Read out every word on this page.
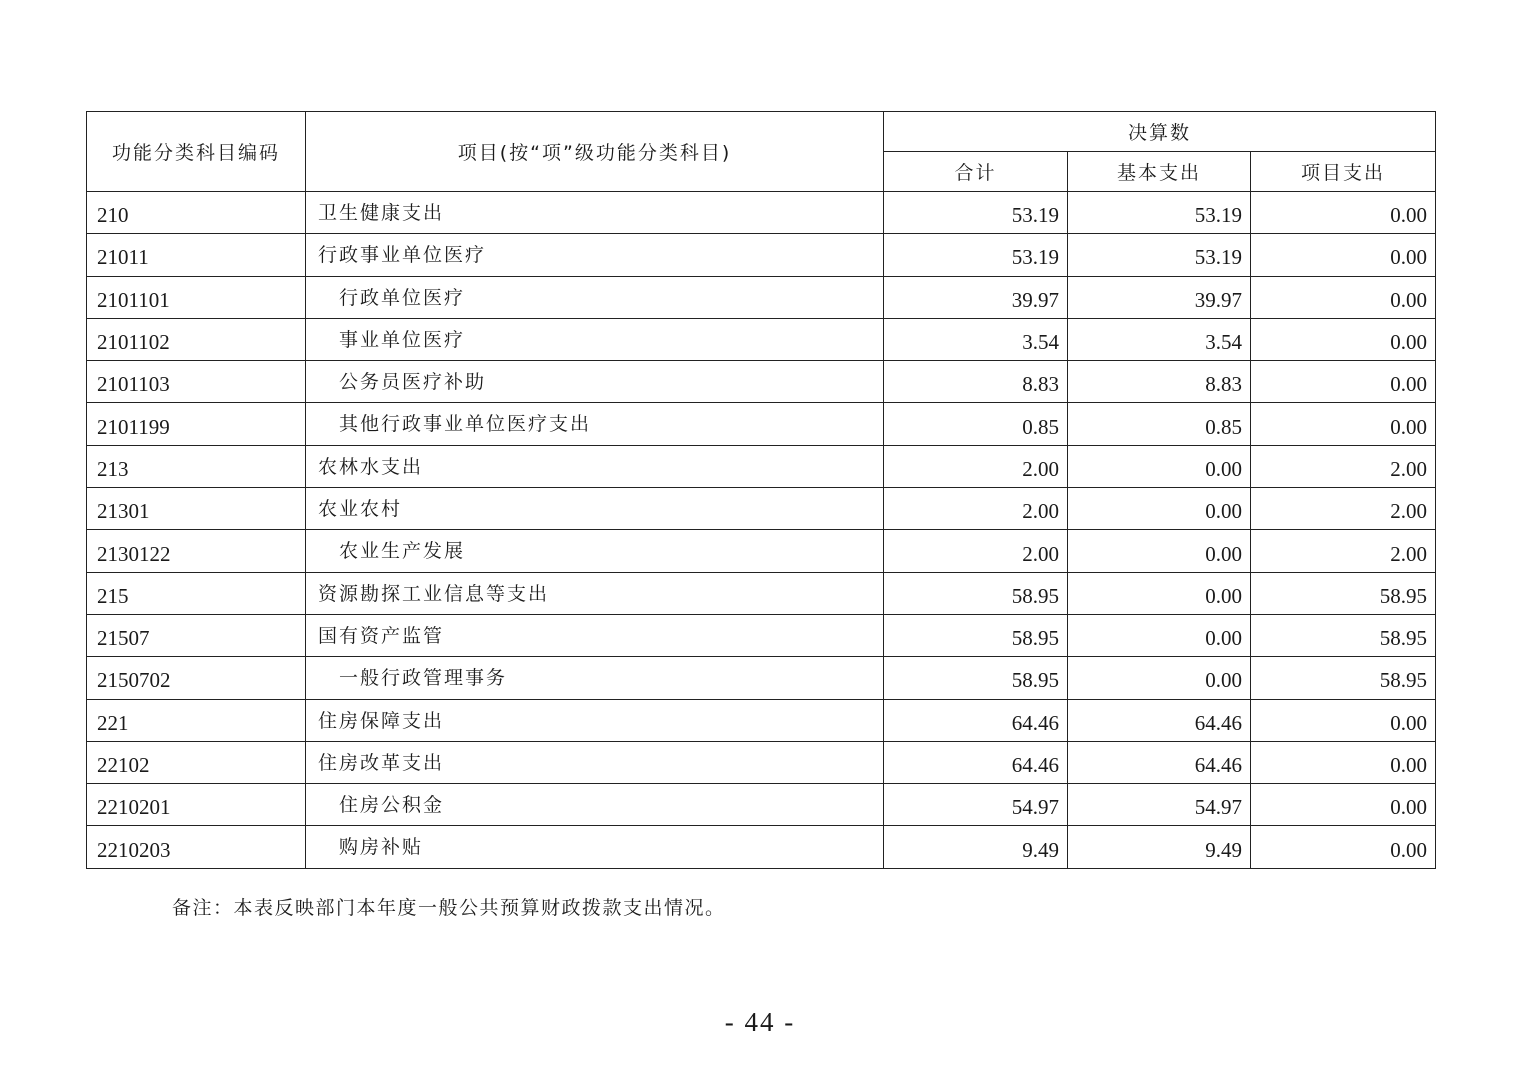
功能分类科目编码	项目(按“项”级功能分类科目)	决算数		
		合计	基本支出	项目支出
210	卫生健康支出	53.19	53.19	0.00
21011	行政事业单位医疗	53.19	53.19	0.00
2101101	行政单位医疗	39.97	39.97	0.00
2101102	事业单位医疗	3.54	3.54	0.00
2101103	公务员医疗补助	8.83	8.83	0.00
2101199	其他行政事业单位医疗支出	0.85	0.85	0.00
213	农林水支出	2.00	0.00	2.00
21301	农业农村	2.00	0.00	2.00
2130122	农业生产发展	2.00	0.00	2.00
215	资源勘探工业信息等支出	58.95	0.00	58.95
21507	国有资产监管	58.95	0.00	58.95
2150702	一般行政管理事务	58.95	0.00	58.95
221	住房保障支出	64.46	64.46	0.00
22102	住房改革支出	64.46	64.46	0.00
2210201	住房公积金	54.97	54.97	0.00
2210203	购房补贴	9.49	9.49	0.00
备注：本表反映部门本年度一般公共预算财政拨款支出情况。
- 44 -
